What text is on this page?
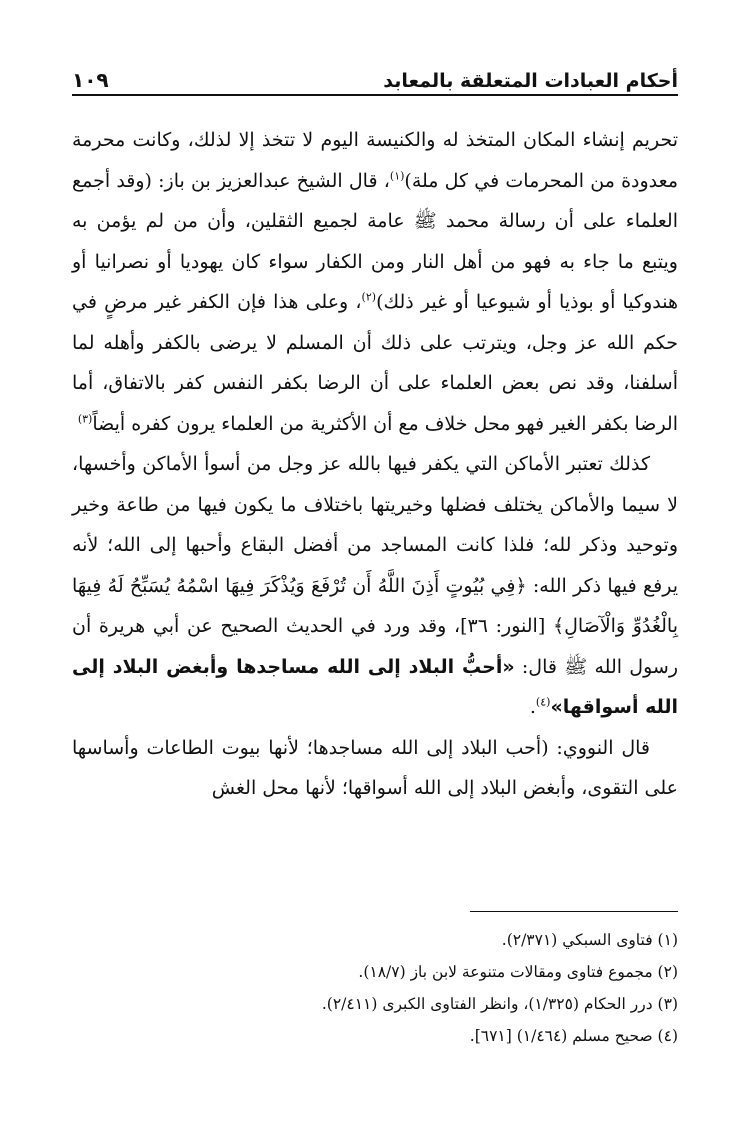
أحكام العبادات المتعلقة بالمعابد
١٠٩

تحريم إنشاء المكان المتخذ له والكنيسة اليوم لا تتخذ إلا لذلك، وكانت محرمة معدودة من المحرمات في كل ملة)$^{(١)}$، قال الشيخ عبدالعزيز بن باز: (وقد أجمع العلماء على أن رسالة محمد ﷺ عامة لجميع الثقلين، وأن من لم يؤمن به ويتبع ما جاء به فهو من أهل النار ومن الكفار سواء كان يهوديا أو نصرانيا أو هندوكيا أو بوذيا أو شيوعيا أو غير ذلك)$^{(٢)}$، وعلى هذا فإن الكفر غير مرضٍ في حكم الله عز وجل، ويترتب على ذلك أن المسلم لا يرضى بالكفر وأهله لما أسلفنا، وقد نص بعض العلماء على أن الرضا بكفر النفس كفر بالاتفاق، أما الرضا بكفر الغير فهو محل خلاف مع أن الأكثرية من العلماء يرون كفره أيضاً$^{(٣)}$

كذلك تعتبر الأماكن التي يكفر فيها بالله عز وجل من أسوأ الأماكن وأخسها، لا سيما والأماكن يختلف فضلها وخيريتها باختلاف ما يكون فيها من طاعة وخير وتوحيد وذكر لله؛ فلذا كانت المساجد من أفضل البقاع وأحبها إلى الله؛ لأنه يرفع فيها ذكر الله: ﴿فِي بُيُوتٍ أَذِنَ اللَّهُ أَن تُرْفَعَ وَيُذْكَرَ فِيهَا اسْمُهُ يُسَبِّحُ لَهُ فِيهَا بِالْغُدُوِّ وَالْآصَالِ﴾ [النور: ٣٦]، وقد ورد في الحديث الصحيح عن أبي هريرة أن رسول الله ﷺ قال: «أحبُّ البلاد إلى الله مساجدها وأبغض البلاد إلى الله أسواقها»$^{(٤)}$.

قال النووي: (أحب البلاد إلى الله مساجدها؛ لأنها بيوت الطاعات وأساسها على التقوى، وأبغض البلاد إلى الله أسواقها؛ لأنها محل الغش

(١) فتاوى السبكي (٢/٣٧١).
(٢) مجموع فتاوى ومقالات متنوعة لابن باز (١٨/٧).
(٣) درر الحكام (١/٣٢٥)، وانظر الفتاوى الكبرى (٢/٤١١).
(٤) صحيح مسلم (١/٤٦٤) [٦٧١].
